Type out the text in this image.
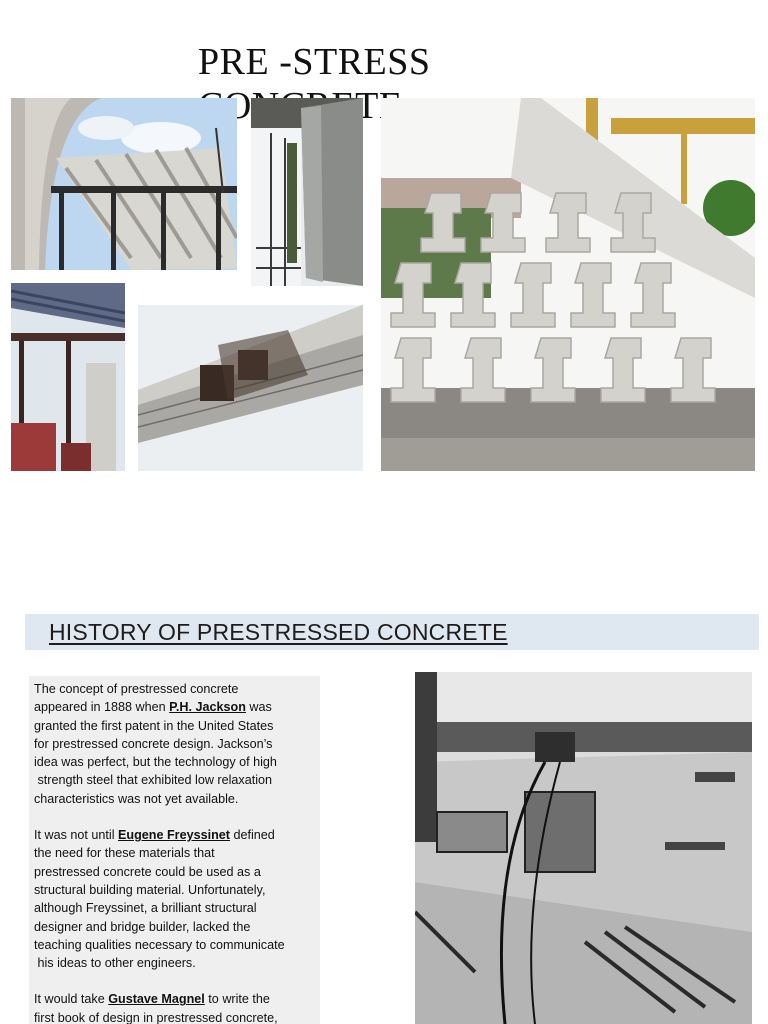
PRE -STRESS
HISTORY OF PRESTRESSED CONCRETE

The concept of prestressed concrete
appeared in 1888 when P.H. Jackson was
granted the first patent in the United States
for prestressed concrete design. Jackson’s
idea was perfect, but the technology of high
strength steel that exhibited low relaxation
characteristics was not yet available.

It was not until Eugene Freyssinet defined
the need for these materials that
prestressed concrete could be used as a
structural building material. Unfortunately,
although Freyssinet, a brilliant structural
designer and bridge builder, lacked the
teaching qualities necessary to communicate
his ideas to other engineers.

It would take Gustave Magnel to write the
first book of design in prestressed concrete,
